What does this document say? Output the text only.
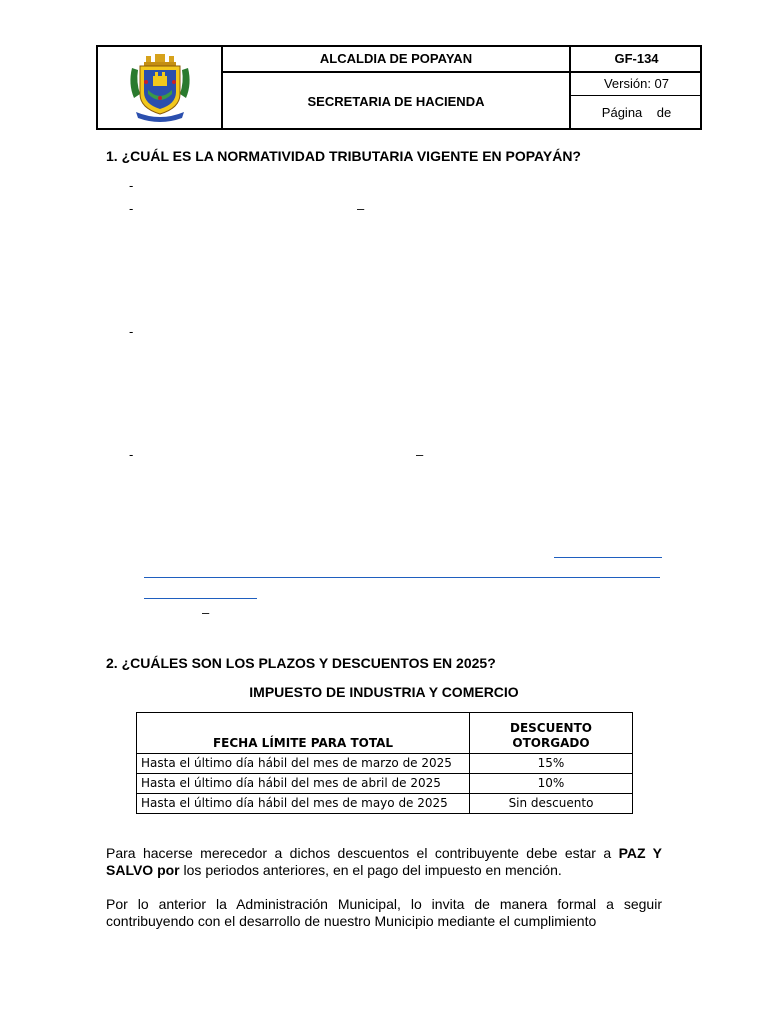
ALCALDIA DE POPAYAN
SECRETARIA DE HACIENDA
GF-134
Versión: 07
Página    de
1. ¿CUÁL ES LA NORMATIVIDAD TRIBUTARIA VIGENTE EN POPAYÁN?
-
-	–
-
-	–
–
2. ¿CUÁLES SON LOS PLAZOS Y DESCUENTOS EN 2025?
IMPUESTO DE INDUSTRIA Y COMERCIO
FECHA LÍMITE PARA TOTAL	DESCUENTO OTORGADO
Hasta el último día hábil del mes de marzo de 2025	15%
Hasta el último día hábil del mes de abril de 2025	10%
Hasta el último día hábil del mes de mayo de 2025	Sin descuento
Para hacerse merecedor a dichos descuentos el contribuyente debe estar a PAZ Y SALVO por los periodos anteriores, en el pago del impuesto en mención.
Por lo anterior la Administración Municipal, lo invita de manera formal a seguir contribuyendo con el desarrollo de nuestro Municipio mediante el cumplimiento
